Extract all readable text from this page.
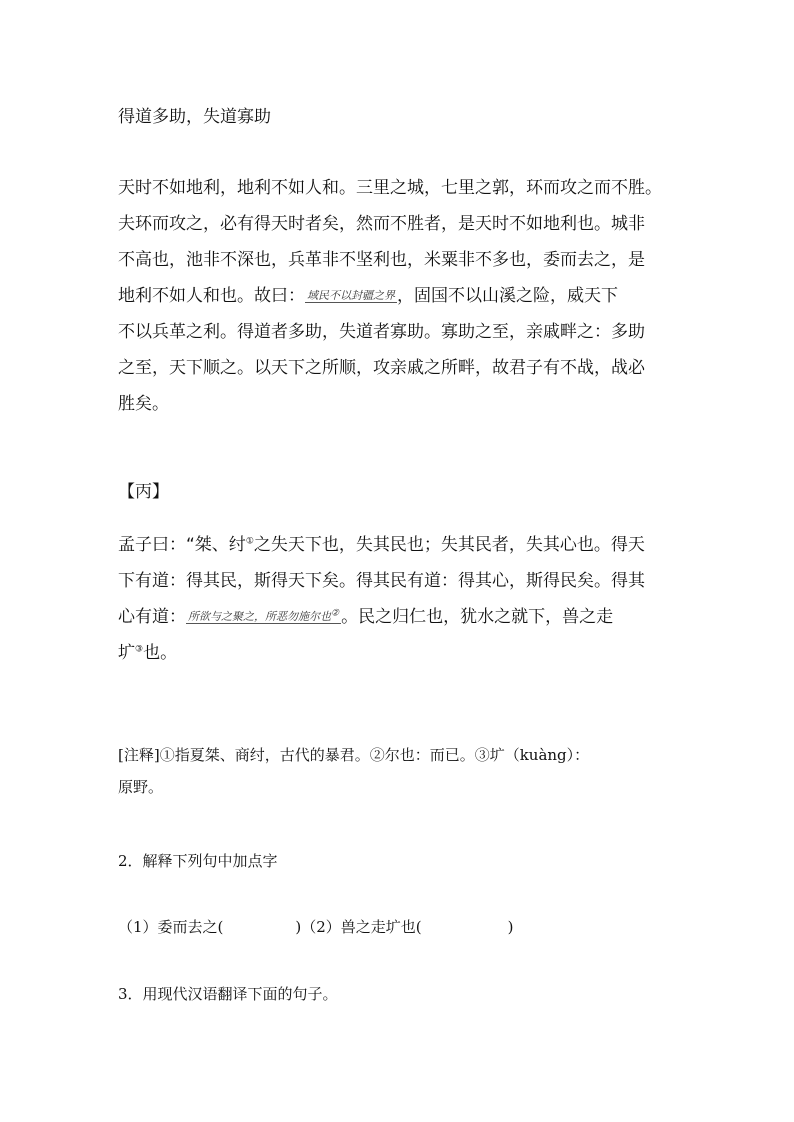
得道多助，失道寡助
天时不如地利，地利不如人和。三里之城，七里之郭，环而攻之而不胜。
夫环而攻之，必有得天时者矣，然而不胜者，是天时不如地利也。城非
不高也，池非不深也，兵革非不坚利也，米粟非不多也，委而去之，是
地利不如人和也。故曰： 域民不以封疆之界 ，固国不以山溪之险，威天下
不以兵革之利。得道者多助，失道者寡助。寡助之至，亲戚畔之：多助
之至，天下顺之。以天下之所顺，攻亲戚之所畔，故君子有不战，战必
胜矣。
【丙】
孟子曰：“桀、纣①之失天下也，失其民也；失其民者，失其心也。得天
下有道：得其民，斯得天下矣。得其民有道：得其心，斯得民矣。得其
心有道： 所欲与之聚之，所恶勿施尔也② 。民之归仁也，犹水之就下，兽之走
圹③也。
[注释]①指夏桀、商纣，古代的暴君。②尔也：而已。③圹（kuàng）：
原野。
2．解释下列句中加点字
（1）委而去之(	)（2）兽之走圹也(	)
3．用现代汉语翻译下面的句子。
